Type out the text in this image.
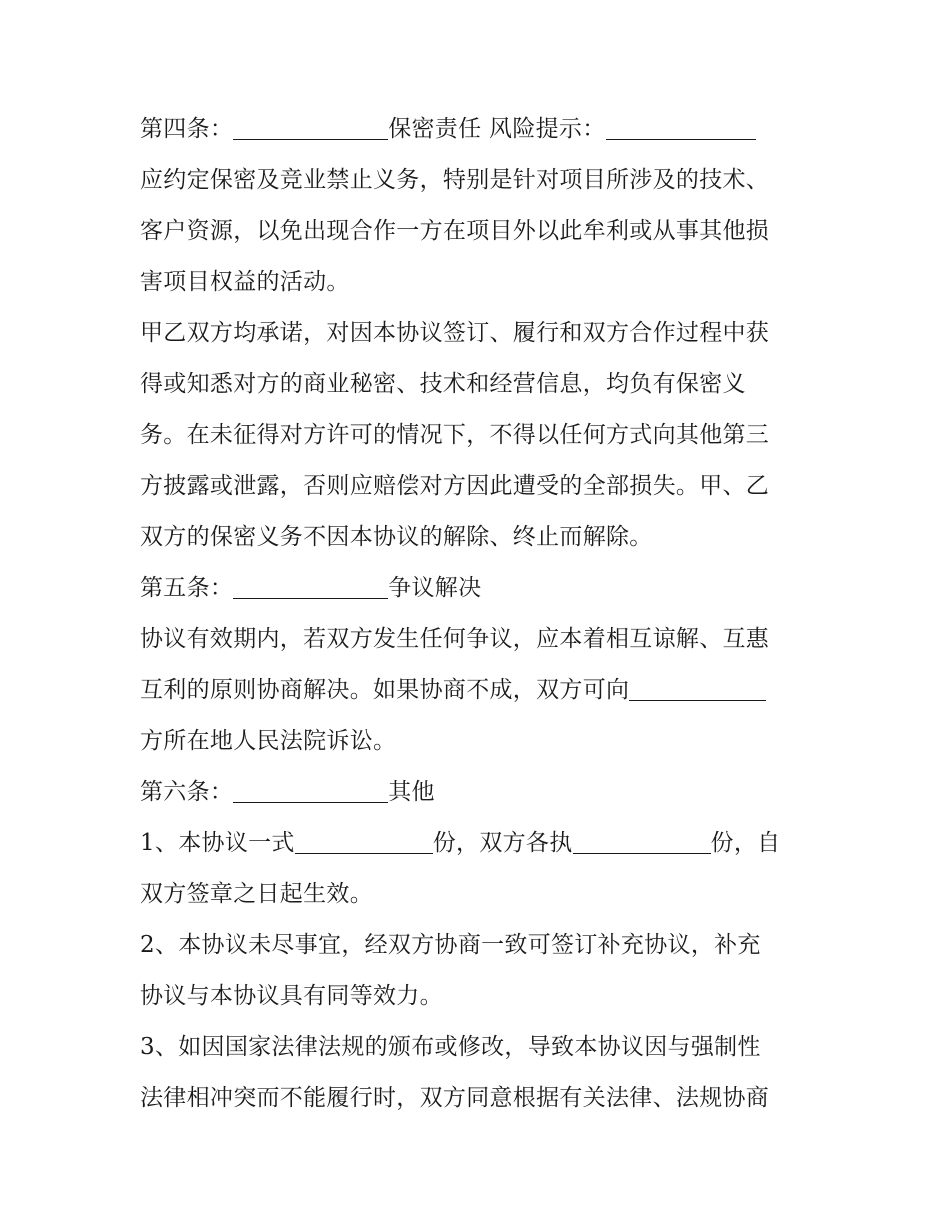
第四条：	保密责任 风险提示：
应约定保密及竞业禁止义务，特别是针对项目所涉及的技术、
客户资源，以免出现合作一方在项目外以此牟利或从事其他损
害项目权益的活动。
甲乙双方均承诺，对因本协议签订、履行和双方合作过程中获
得或知悉对方的商业秘密、技术和经营信息，均负有保密义
务。在未征得对方许可的情况下，不得以任何方式向其他第三
方披露或泄露，否则应赔偿对方因此遭受的全部损失。甲、乙
双方的保密义务不因本协议的解除、终止而解除。
第五条：	争议解决
协议有效期内，若双方发生任何争议，应本着相互谅解、互惠
互利的原则协商解决。如果协商不成，双方可向
方所在地人民法院诉讼。
第六条：	其他
1、本协议一式	份，双方各执	份，自
双方签章之日起生效。
2、本协议未尽事宜，经双方协商一致可签订补充协议，补充
协议与本协议具有同等效力。
3、如因国家法律法规的颁布或修改，导致本协议因与强制性
法律相冲突而不能履行时，双方同意根据有关法律、法规协商
